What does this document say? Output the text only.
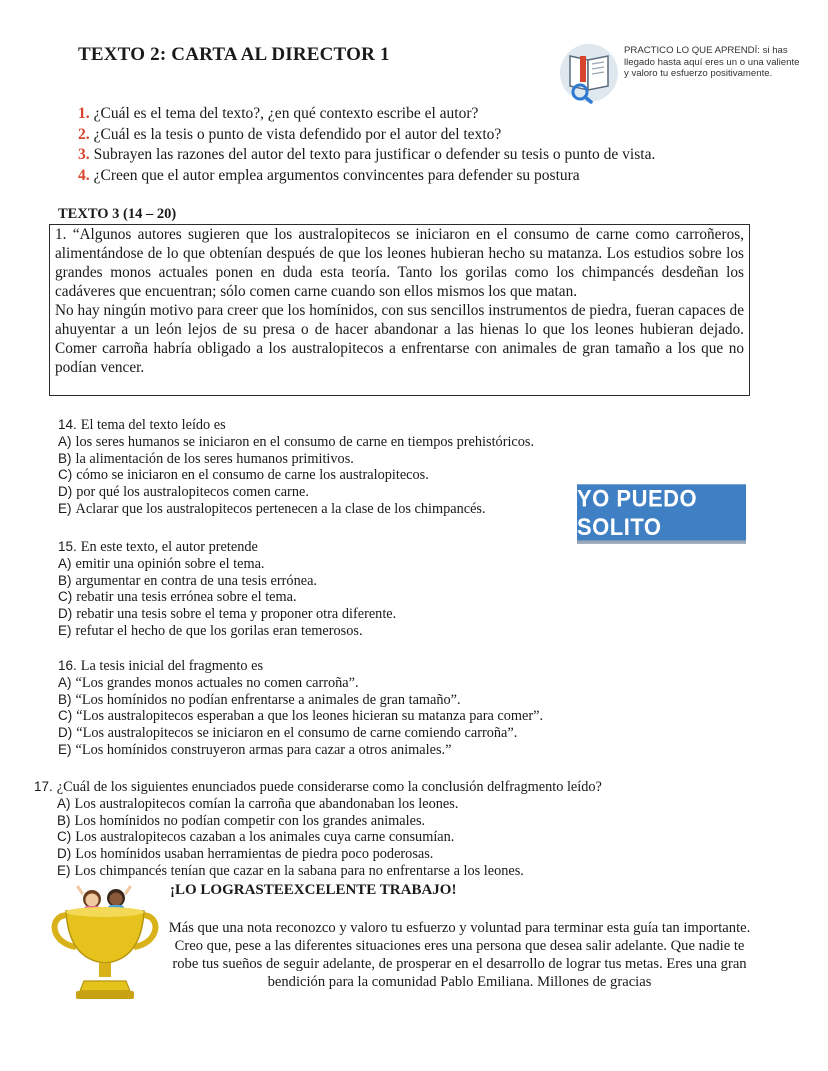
TEXTO 2: CARTA AL DIRECTOR 1	PRACTICO LO QUE APRENDÍ: si has llegado hasta aquí eres un o una valiente y valoro tu esfuerzo positivamente.
1. ¿Cuál es el tema del texto?, ¿en qué contexto escribe el autor?
2. ¿Cuál es la tesis o punto de vista defendido por el autor del texto?
3. Subrayen las razones del autor del texto para justificar o defender su tesis o punto de vista.
4. ¿Creen que el autor emplea argumentos convincentes para defender su postura
TEXTO 3 (14 – 20)

1. “Algunos autores sugieren que los australopitecos se iniciaron en el consumo de carne como carroñeros, alimentándose de lo que obtenían después de que los leones hubieran hecho su matanza. Los estudios sobre los grandes monos actuales ponen en duda esta teoría. Tanto los gorilas como los chimpancés desdeñan los cadáveres que encuentran; sólo comen carne cuando son ellos mismos los que matan.

No hay ningún motivo para creer que los homínidos, con sus sencillos instrumentos de piedra, fueran capaces de ahuyentar a un león lejos de su presa o de hacer abandonar a las hienas lo que los leones hubieran dejado. Comer carroña habría obligado a los australopitecos a enfrentarse con animales de gran tamaño a los que no podían vencer.

14. El tema del texto leído es
A) los seres humanos se iniciaron en el consumo de carne en tiempos prehistóricos.
B) la alimentación de los seres humanos primitivos.
C) cómo se iniciaron en el consumo de carne los australopitecos.
D) por qué los australopitecos comen carne.
E) Aclarar que los australopitecos pertenecen a la clase de los chimpancés.	YO PUEDO SOLITO
15. En este texto, el autor pretende
A) emitir una opinión sobre el tema.
B) argumentar en contra de una tesis errónea.
C) rebatir una tesis errónea sobre el tema.
D) rebatir una tesis sobre el tema y proponer otra diferente.
E) refutar el hecho de que los gorilas eran temerosos.
16. La tesis inicial del fragmento es
A) “Los grandes monos actuales no comen carroña”.
B) “Los homínidos no podían enfrentarse a animales de gran tamaño”.
C) “Los australopitecos esperaban a que los leones hicieran su matanza para comer”.
D) “Los australopitecos se iniciaron en el consumo de carne comiendo carroña”.
E) “Los homínidos construyeron armas para cazar a otros animales.”
17. ¿Cuál de los siguientes enunciados puede considerarse como la conclusión delfragmento leído?
A) Los australopitecos comían la carroña que abandonaban los leones.
B) Los homínidos no podían competir con los grandes animales.
C) Los australopitecos cazaban a los animales cuya carne consumían.
D) Los homínidos usaban herramientas de piedra poco poderosas.
E) Los chimpancés tenían que cazar en la sabana para no enfrentarse a los leones.
¡LO LOGRASTEEXCELENTE TRABAJO!
Más que una nota reconozco y valoro tu esfuerzo y voluntad para terminar esta guía tan importante. Creo que, pese a las diferentes situaciones eres una persona que desea salir adelante. Que nadie te robe tus sueños de seguir adelante, de prosperar en el desarrollo de lograr tus metas. Eres una gran bendición para la comunidad Pablo Emiliana. Millones de gracias
